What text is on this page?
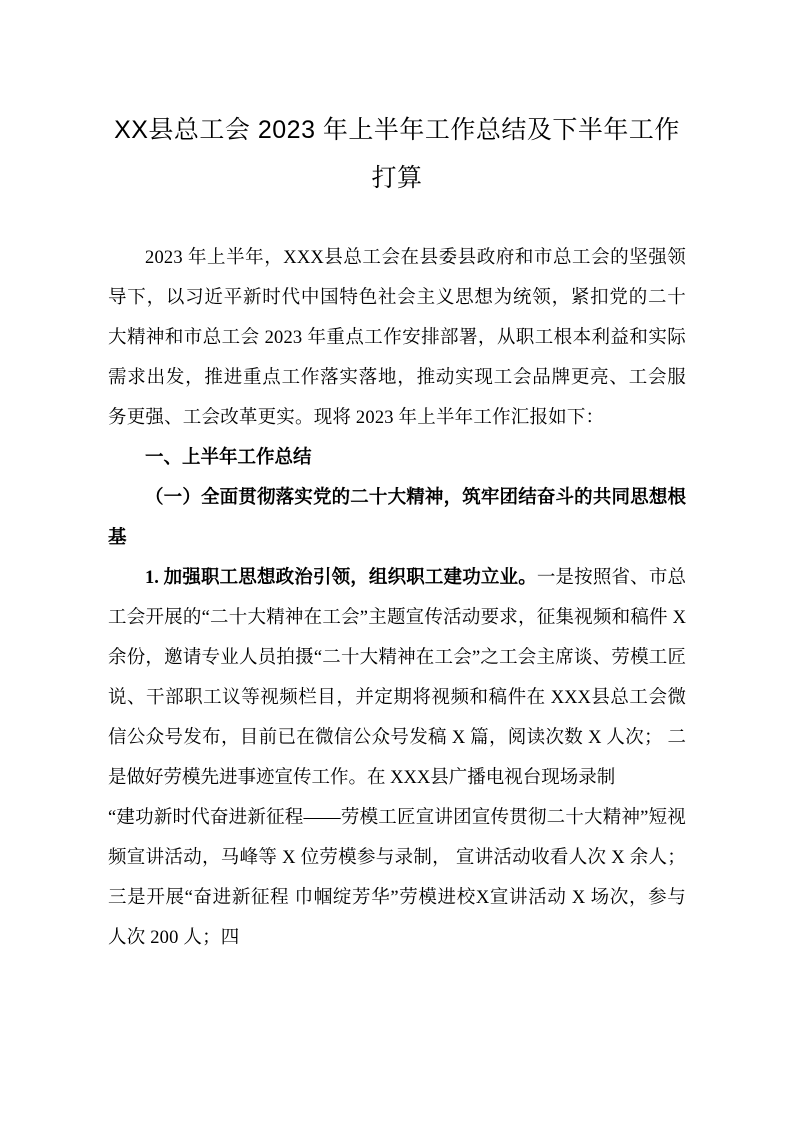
XX县总工会 2023 年上半年工作总结及下半年工作打算

2023 年上半年，XXX县总工会在县委县政府和市总工会的坚强领导下，以习近平新时代中国特色社会主义思想为统领，紧扣党的二十大精神和市总工会 2023 年重点工作安排部署，从职工根本利益和实际需求出发，推进重点工作落实落地，推动实现工会品牌更亮、工会服务更强、工会改革更实。现将 2023 年上半年工作汇报如下：

一、上半年工作总结

（一）全面贯彻落实党的二十大精神，筑牢团结奋斗的共同思想根基

1. 加强职工思想政治引领，组织职工建功立业。一是按照省、市总工会开展的“二十大精神在工会”主题宣传活动要求，征集视频和稿件 X 余份，邀请专业人员拍摄“二十大精神在工会”之工会主席谈、劳模工匠说、干部职工议等视频栏目，并定期将视频和稿件在 XXX县总工会微信公众号发布，目前已在微信公众号发稿 X 篇，阅读次数 X 人次； 二是做好劳模先进事迹宣传工作。在 XXX县广播电视台现场录制

“建功新时代奋进新征程——劳模工匠宣讲团宣传贯彻二十大精神”短视频宣讲活动，马峰等 X 位劳模参与录制， 宣讲活动收看人次 X 余人；三是开展“奋进新征程 巾帼绽芳华”劳模进校X宣讲活动 X 场次，参与人次 200 人；四
